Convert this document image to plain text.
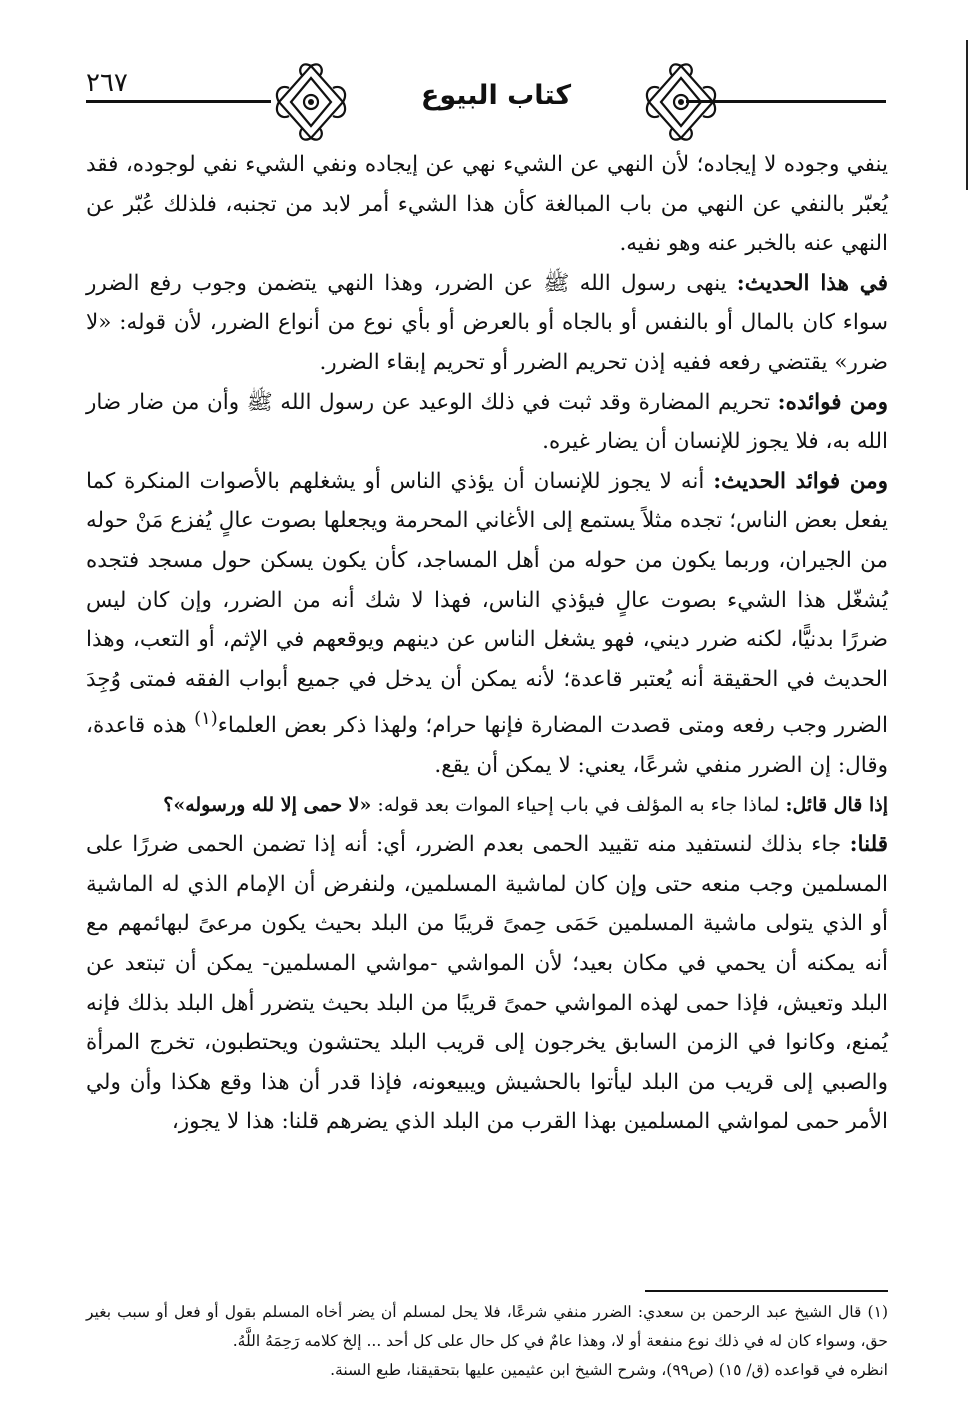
٢٦٧	كتاب البيوع

ينفي وجوده لا إيجاده؛ لأن النهي عن الشيء نهي عن إيجاده ونفي الشيء نفي لوجوده، فقد يُعبّر بالنفي عن النهي من باب المبالغة كأن هذا الشيء أمر لابد من تجنبه، فلذلك عُبّر عن النهي عنه بالخبر عنه وهو نفيه.

في هذا الحديث: ينهى رسول الله ﷺ عن الضرر، وهذا النهي يتضمن وجوب رفع الضرر سواء كان بالمال أو بالنفس أو بالجاه أو بالعرض أو بأي نوع من أنواع الضرر، لأن قوله: «لا ضرر» يقتضي رفعه ففيه إذن تحريم الضرر أو تحريم إبقاء الضرر.

ومن فوائده: تحريم المضارة وقد ثبت في ذلك الوعيد عن رسول الله ﷺ وأن من ضار ضار الله به، فلا يجوز للإنسان أن يضار غيره.

ومن فوائد الحديث: أنه لا يجوز للإنسان أن يؤذي الناس أو يشغلهم بالأصوات المنكرة كما يفعل بعض الناس؛ تجده مثلاً يستمع إلى الأغاني المحرمة ويجعلها بصوت عالٍ يُفزع مَنْ حوله من الجيران، وربما يكون من حوله من أهل المساجد، كأن يكون يسكن حول مسجد فتجده يُشغّل هذا الشيء بصوت عالٍ فيؤذي الناس، فهذا لا شك أنه من الضرر، وإن كان ليس ضررًا بدنيًّا، لكنه ضرر ديني، فهو يشغل الناس عن دينهم ويوقعهم في الإثم، أو التعب، وهذا الحديث في الحقيقة أنه يُعتبر قاعدة؛ لأنه يمكن أن يدخل في جميع أبواب الفقه فمتى وُجِدَ الضرر وجب رفعه ومتى قصدت المضارة فإنها حرام؛ ولهذا ذكر بعض العلماء$^{(١)}$ هذه قاعدة، وقال: إن الضرر منفي شرعًا، يعني: لا يمكن أن يقع.

إذا قال قائل: لماذا جاء به المؤلف في باب إحياء الموات بعد قوله: «لا حمى إلا لله ورسوله»؟

قلنا: جاء بذلك لنستفيد منه تقييد الحمى بعدم الضرر، أي: أنه إذا تضمن الحمى ضررًا على المسلمين وجب منعه حتى وإن كان لماشية المسلمين، ولنفرض أن الإمام الذي له الماشية أو الذي يتولى ماشية المسلمين حَمَى حِمىً قريبًا من البلد بحيث يكون مرعىً لبهائمهم مع أنه يمكنه أن يحمي في مكان بعيد؛ لأن المواشي -مواشي المسلمين- يمكن أن تبتعد عن البلد وتعيش، فإذا حمى لهذه المواشي حمىً قريبًا من البلد بحيث يتضرر أهل البلد بذلك فإنه يُمنع، وكانوا في الزمن السابق يخرجون إلى قريب البلد يحتشون ويحتطبون، تخرج المرأة والصبي إلى قريب من البلد ليأتوا بالحشيش ويبيعونه، فإذا قدر أن هذا وقع هكذا وأن ولي الأمر حمى لمواشي المسلمين بهذا القرب من البلد الذي يضرهم قلنا: هذا لا يجوز،

(١) قال الشيخ عبد الرحمن بن سعدي: الضرر منفي شرعًا، فلا يحل لمسلم أن يضر أخاه المسلم بقول أو فعل أو سبب بغير حق، وسواء كان له في ذلك نوع منفعة أو لا، وهذا عامٌ في كل حال على كل أحد ... إلخ كلامه رَحِمَهُ اللَّهُ.

انظره في قواعده (ق/ ١٥) (ص٩٩)، وشرح الشيخ ابن عثيمين عليها بتحقيقنا، طبع السنة.
